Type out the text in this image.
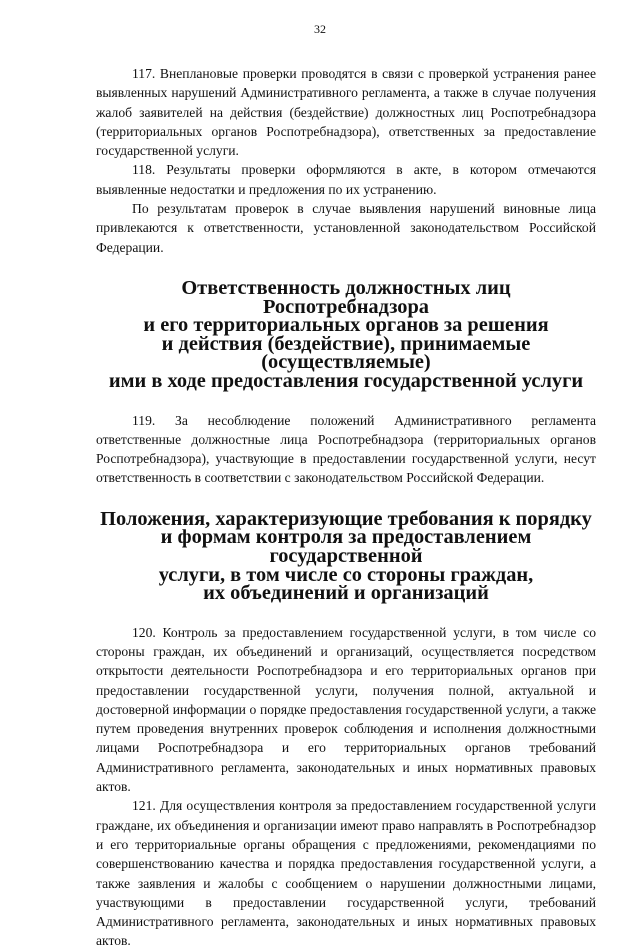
32

117. Внеплановые проверки проводятся в связи с проверкой устранения ранее выявленных нарушений Административного регламента, а также в случае получения жалоб заявителей на действия (бездействие) должностных лиц Роспотребнадзора (территориальных органов Роспотребнадзора), ответственных за предоставление государственной услуги.

118. Результаты проверки оформляются в акте, в котором отмечаются выявленные недостатки и предложения по их устранению.

По результатам проверок в случае выявления нарушений виновные лица привлекаются к ответственности, установленной законодательством Российской Федерации.

Ответственность должностных лиц Роспотребнадзора
и его территориальных органов за решения
и действия (бездействие), принимаемые (осуществляемые)
ими в ходе предоставления государственной услуги

119. За несоблюдение положений Административного регламента ответственные должностные лица Роспотребнадзора (территориальных органов Роспотребнадзора), участвующие в предоставлении государственной услуги, несут ответственность в соответствии с законодательством Российской Федерации.

Положения, характеризующие требования к порядку
и формам контроля за предоставлением государственной
услуги, в том числе со стороны граждан,
их объединений и организаций

120. Контроль за предоставлением государственной услуги, в том числе со стороны граждан, их объединений и организаций, осуществляется посредством открытости деятельности Роспотребнадзора и его территориальных органов при предоставлении государственной услуги, получения полной, актуальной и достоверной информации о порядке предоставления государственной услуги, а также путем проведения внутренних проверок соблюдения и исполнения должностными лицами Роспотребнадзора и его территориальных органов требований Административного регламента, законодательных и иных нормативных правовых актов.

121. Для осуществления контроля за предоставлением государственной услуги граждане, их объединения и организации имеют право направлять в Роспотребнадзор и его территориальные органы обращения с предложениями, рекомендациями по совершенствованию качества и порядка предоставления государственной услуги, а также заявления и жалобы с сообщением о нарушении должностными лицами, участвующими в предоставлении государственной услуги, требований Административного регламента, законодательных и иных нормативных правовых актов.
